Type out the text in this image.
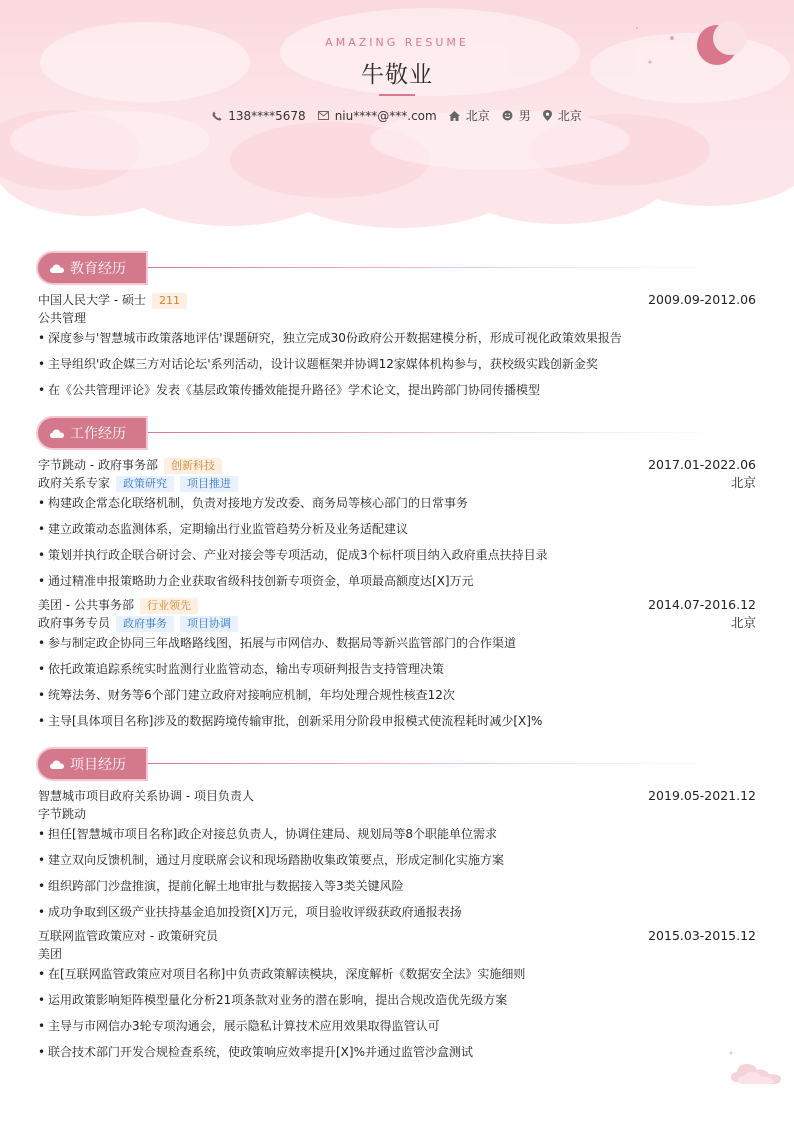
AMAZING RESUME
牛敬业
138****5678 niu****@***.com 北京 男 北京
教育经历
中国人民大学 - 硕士 211	2009.09-2012.06
公共管理
• 深度参与'智慧城市政策落地评估'课题研究，独立完成30份政府公开数据建模分析，形成可视化政策效果报告
• 主导组织'政企媒三方对话论坛'系列活动，设计议题框架并协调12家媒体机构参与，获校级实践创新金奖
• 在《公共管理评论》发表《基层政策传播效能提升路径》学术论文，提出跨部门协同传播模型
工作经历
字节跳动 - 政府事务部 创新科技	2017.01-2022.06
政府关系专家 政策研究 项目推进	北京
• 构建政企常态化联络机制，负责对接地方发改委、商务局等核心部门的日常事务
• 建立政策动态监测体系，定期输出行业监管趋势分析及业务适配建议
• 策划并执行政企联合研讨会、产业对接会等专项活动，促成3个标杆项目纳入政府重点扶持目录
• 通过精准申报策略助力企业获取省级科技创新专项资金，单项最高额度达[X]万元
美团 - 公共事务部 行业领先	2014.07-2016.12
政府事务专员 政府事务 项目协调	北京
• 参与制定政企协同三年战略路线图，拓展与市网信办、数据局等新兴监管部门的合作渠道
• 依托政策追踪系统实时监测行业监管动态，输出专项研判报告支持管理决策
• 统筹法务、财务等6个部门建立政府对接响应机制，年均处理合规性核查12次
• 主导[具体项目名称]涉及的数据跨境传输审批，创新采用分阶段申报模式使流程耗时减少[X]%
项目经历
智慧城市项目政府关系协调 - 项目负责人	2019.05-2021.12
字节跳动
• 担任[智慧城市项目名称]政企对接总负责人，协调住建局、规划局等8个职能单位需求
• 建立双向反馈机制，通过月度联席会议和现场踏勘收集政策要点，形成定制化实施方案
• 组织跨部门沙盘推演，提前化解土地审批与数据接入等3类关键风险
• 成功争取到区级产业扶持基金追加投资[X]万元，项目验收评级获政府通报表扬
互联网监管政策应对 - 政策研究员	2015.03-2015.12
美团
• 在[互联网监管政策应对项目名称]中负责政策解读模块，深度解析《数据安全法》实施细则
• 运用政策影响矩阵模型量化分析21项条款对业务的潜在影响，提出合规改造优先级方案
• 主导与市网信办3轮专项沟通会，展示隐私计算技术应用效果取得监管认可
• 联合技术部门开发合规检查系统，使政策响应效率提升[X]%并通过监管沙盒测试
